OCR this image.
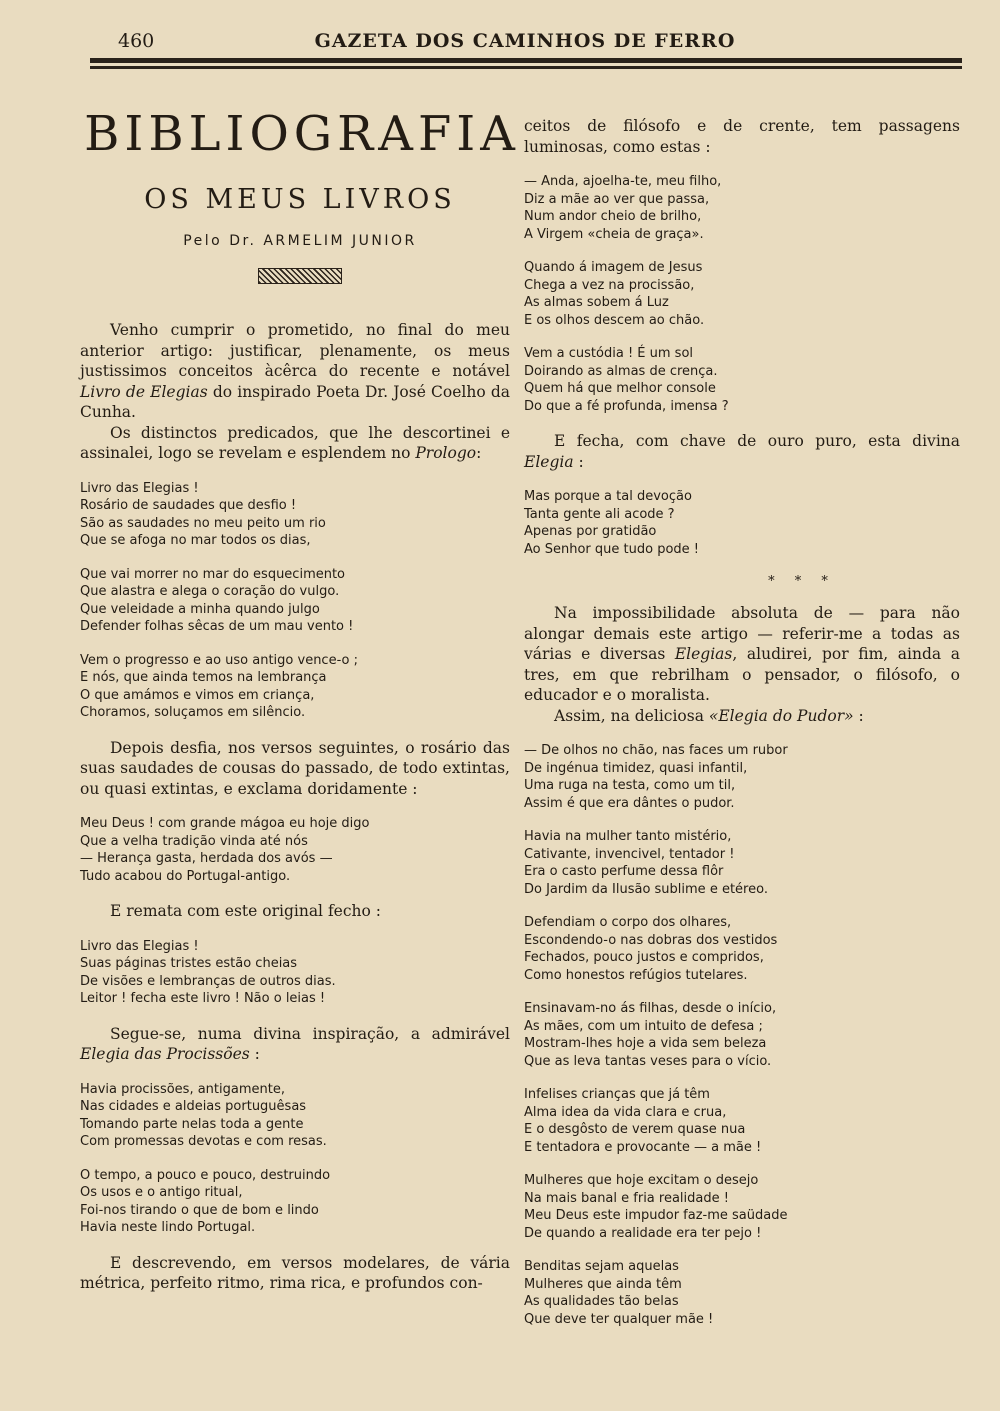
460	GAZETA DOS CAMINHOS DE FERRO
BIBLIOGRAFIA
OS MEUS LIVROS
Pelo Dr. ARMELIM JUNIOR

Venho cumprir o prometido, no final do meu anterior artigo: justificar, plenamente, os meus justissimos conceitos àcêrca do recente e notável Livro de Elegias do inspirado Poeta Dr. José Coelho da Cunha.

Os distinctos predicados, que lhe descortinei e assinalei, logo se revelam e esplendem no Prologo:

Livro das Elegias !
Rosário de saudades que desfio !
São as saudades no meu peito um rio
Que se afoga no mar todos os dias,
Que vai morrer no mar do esquecimento
Que alastra e alega o coração do vulgo.
Que veleidade a minha quando julgo
Defender folhas sêcas de um mau vento !
Vem o progresso e ao uso antigo vence-o ;
E nós, que ainda temos na lembrança
O que amámos e vimos em criança,
Choramos, soluçamos em silêncio.

Depois desfia, nos versos seguintes, o rosário das suas saudades de cousas do passado, de todo extintas, ou quasi extintas, e exclama doridamente :

Meu Deus ! com grande mágoa eu hoje digo
Que a velha tradição vinda até nós
— Herança gasta, herdada dos avós —
Tudo acabou do Portugal-antigo.

E remata com este original fecho :

Livro das Elegias !
Suas páginas tristes estão cheias
De visões e lembranças de outros dias.
Leitor ! fecha este livro ! Não o leias !

Segue-se, numa divina inspiração, a admirável Elegia das Procissões :

Havia procissões, antigamente,
Nas cidades e aldeias portuguêsas
Tomando parte nelas toda a gente
Com promessas devotas e com resas.
O tempo, a pouco e pouco, destruindo
Os usos e o antigo ritual,
Foi-nos tirando o que de bom e lindo
Havia neste lindo Portugal.

E descrevendo, em versos modelares, de vária métrica, perfeito ritmo, rima rica, e profundos con-

ceitos de filósofo e de crente, tem passagens luminosas, como estas :

— Anda, ajoelha-te, meu filho,
Diz a mãe ao ver que passa,
Num andor cheio de brilho,
A Virgem «cheia de graça».
Quando á imagem de Jesus
Chega a vez na procissão,
As almas sobem á Luz
E os olhos descem ao chão.
Vem a custódia ! É um sol
Doirando as almas de crença.
Quem há que melhor console
Do que a fé profunda, imensa ?

E fecha, com chave de ouro puro, esta divina Elegia :

Mas porque a tal devoção
Tanta gente ali acode ?
Apenas por gratidão
Ao Senhor que tudo pode !
* * *

Na impossibilidade absoluta de — para não alongar demais este artigo — referir-me a todas as várias e diversas Elegias, aludirei, por fim, ainda a tres, em que rebrilham o pensador, o filósofo, o educador e o moralista.

Assim, na deliciosa «Elegia do Pudor» :

— De olhos no chão, nas faces um rubor
De ingénua timidez, quasi infantil,
Uma ruga na testa, como um til,
Assim é que era dântes o pudor.
Havia na mulher tanto mistério,
Cativante, invencivel, tentador !
Era o casto perfume dessa flôr
Do Jardim da Ilusão sublime e etéreo.
Defendiam o corpo dos olhares,
Escondendo-o nas dobras dos vestidos
Fechados, pouco justos e compridos,
Como honestos refúgios tutelares.
Ensinavam-no ás filhas, desde o início,
As mães, com um intuito de defesa ;
Mostram-lhes hoje a vida sem beleza
Que as leva tantas veses para o vício.
Infelises crianças que já têm
Alma idea da vida clara e crua,
E o desgôsto de verem quase nua
E tentadora e provocante — a mãe !
Mulheres que hoje excitam o desejo
Na mais banal e fria realidade !
Meu Deus este impudor faz-me saüdade
De quando a realidade era ter pejo !
Benditas sejam aquelas
Mulheres que ainda têm
As qualidades tão belas
Que deve ter qualquer mãe !
